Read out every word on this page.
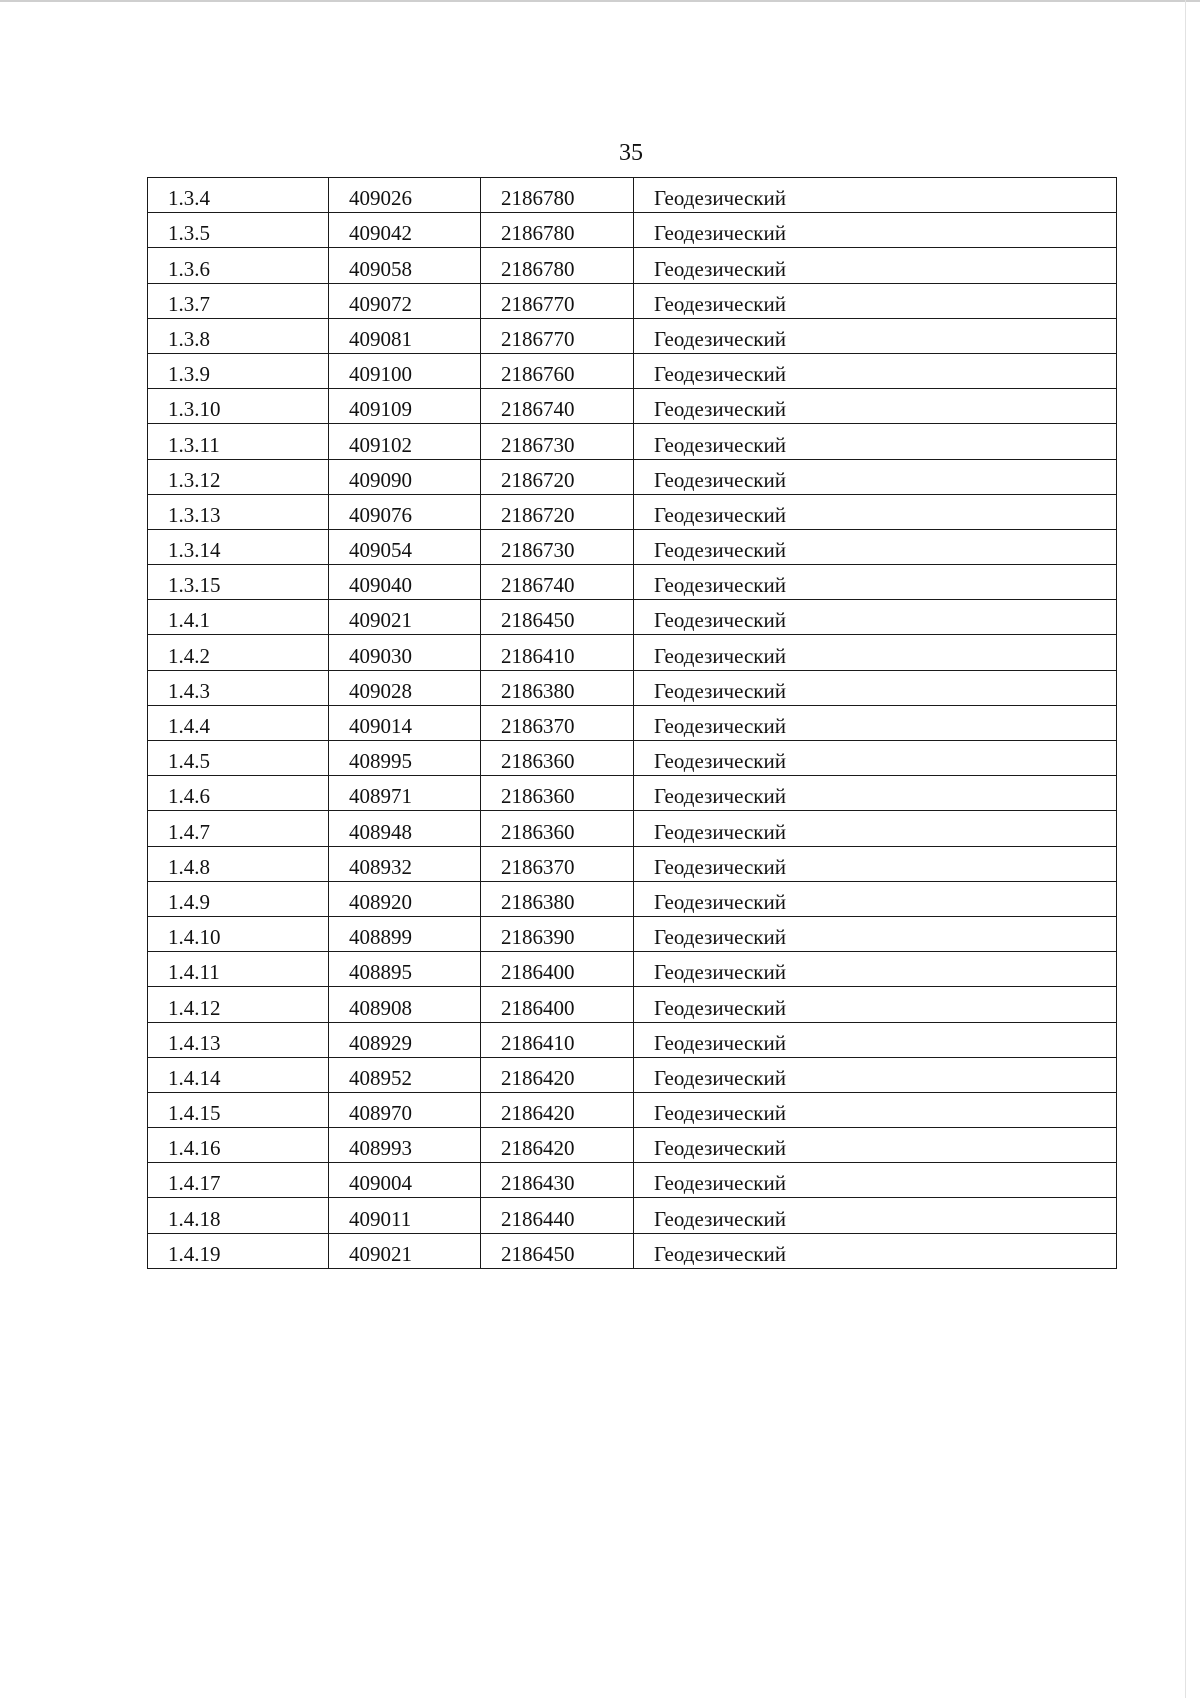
35
1.3.4	409026	2186780	Геодезический
1.3.5	409042	2186780	Геодезический
1.3.6	409058	2186780	Геодезический
1.3.7	409072	2186770	Геодезический
1.3.8	409081	2186770	Геодезический
1.3.9	409100	2186760	Геодезический
1.3.10	409109	2186740	Геодезический
1.3.11	409102	2186730	Геодезический
1.3.12	409090	2186720	Геодезический
1.3.13	409076	2186720	Геодезический
1.3.14	409054	2186730	Геодезический
1.3.15	409040	2186740	Геодезический
1.4.1	409021	2186450	Геодезический
1.4.2	409030	2186410	Геодезический
1.4.3	409028	2186380	Геодезический
1.4.4	409014	2186370	Геодезический
1.4.5	408995	2186360	Геодезический
1.4.6	408971	2186360	Геодезический
1.4.7	408948	2186360	Геодезический
1.4.8	408932	2186370	Геодезический
1.4.9	408920	2186380	Геодезический
1.4.10	408899	2186390	Геодезический
1.4.11	408895	2186400	Геодезический
1.4.12	408908	2186400	Геодезический
1.4.13	408929	2186410	Геодезический
1.4.14	408952	2186420	Геодезический
1.4.15	408970	2186420	Геодезический
1.4.16	408993	2186420	Геодезический
1.4.17	409004	2186430	Геодезический
1.4.18	409011	2186440	Геодезический
1.4.19	409021	2186450	Геодезический
